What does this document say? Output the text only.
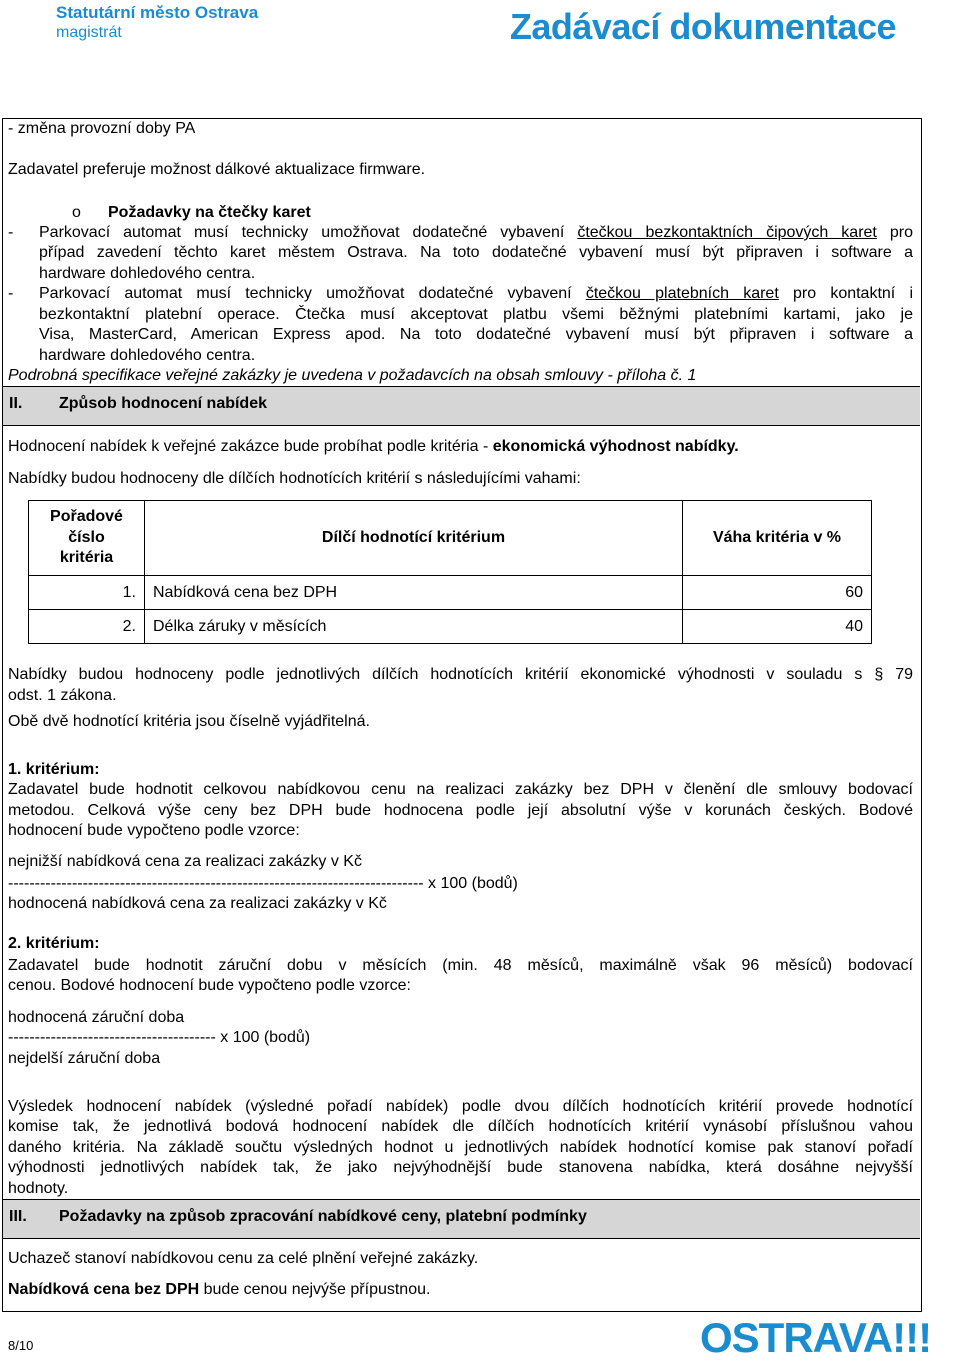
Statutární město Ostrava
magistrát	Zadávací dokumentace
- změna provozní doby PA
Zadavatel preferuje možnost dálkové aktualizace firmware.
o Požadavky na čtečky karet
- Parkovací automat musí technicky umožňovat dodatečné vybavení čtečkou bezkontaktních čipových karet pro
případ zavedení těchto karet městem Ostrava. Na toto dodatečné vybavení musí být připraven i software a
hardware dohledového centra.
- Parkovací automat musí technicky umožňovat dodatečné vybavení čtečkou platebních karet pro kontaktní i
bezkontaktní platební operace. Čtečka musí akceptovat platbu všemi běžnými platebními kartami, jako je
Visa, MasterCard, American Express apod. Na toto dodatečné vybavení musí být připraven i software a
hardware dohledového centra.
Podrobná specifikace veřejné zakázky je uvedena v požadavcích na obsah smlouvy - příloha č. 1
II. Způsob hodnocení nabídek
Hodnocení nabídek k veřejné zakázce bude probíhat podle kritéria - ekonomická výhodnost nabídky.
Nabídky budou hodnoceny dle dílčích hodnotících kritérií s následujícími vahami:
Pořadové
číslo
kritéria	Dílčí hodnotící kritérium	Váha kritéria v %
1.	Nabídková cena bez DPH	60
2.	Délka záruky v měsících	40
Nabídky budou hodnoceny podle jednotlivých dílčích hodnotících kritérií ekonomické výhodnosti v souladu s § 79
odst. 1 zákona.
Obě dvě hodnotící kritéria jsou číselně vyjádřitelná.
1. kritérium:
Zadavatel bude hodnotit celkovou nabídkovou cenu na realizaci zakázky bez DPH v členění dle smlouvy bodovací
metodou. Celková výše ceny bez DPH bude hodnocena podle její absolutní výše v korunách českých. Bodové
hodnocení bude vypočteno podle vzorce:
nejnižší nabídková cena za realizaci zakázky v Kč
------------------------------------------------------------------------------ x 100 (bodů)
hodnocená nabídková cena za realizaci zakázky v Kč
2. kritérium:
Zadavatel bude hodnotit záruční dobu v měsících (min. 48 měsíců, maximálně však 96 měsíců) bodovací
cenou. Bodové hodnocení bude vypočteno podle vzorce:
hodnocená záruční doba
--------------------------------------- x 100 (bodů)
nejdelší záruční doba
Výsledek hodnocení nabídek (výsledné pořadí nabídek) podle dvou dílčích hodnotících kritérií provede hodnotící
komise tak, že jednotlivá bodová hodnocení nabídek dle dílčích hodnotících kritérií vynásobí příslušnou vahou
daného kritéria. Na základě součtu výsledných hodnot u jednotlivých nabídek hodnotící komise pak stanoví pořadí
výhodnosti jednotlivých nabídek tak, že jako nejvýhodnější bude stanovena nabídka, která dosáhne nejvyšší
hodnoty.
III. Požadavky na způsob zpracování nabídkové ceny, platební podmínky
Uchazeč stanoví nabídkovou cenu za celé plnění veřejné zakázky.
Nabídková cena bez DPH bude cenou nejvýše přípustnou.
8/10	OSTRAVA!!!
